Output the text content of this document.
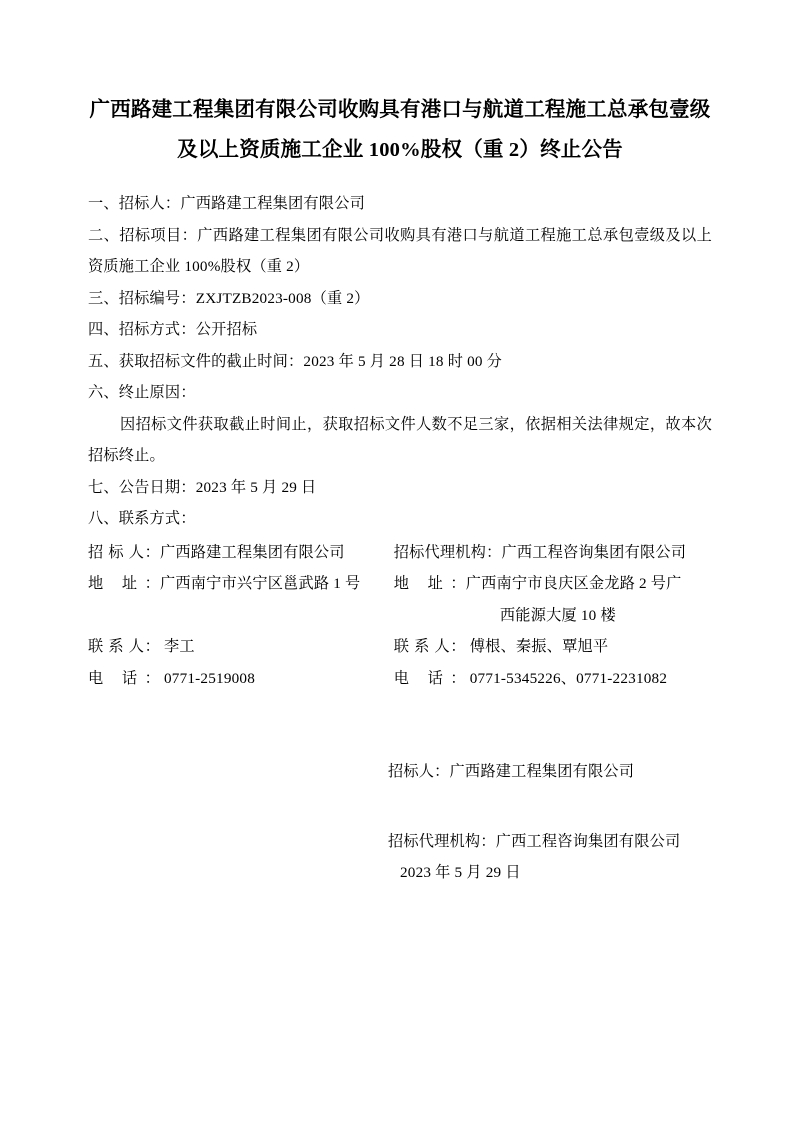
广西路建工程集团有限公司收购具有港口与航道工程施工总承包壹级
及以上资质施工企业 100%股权（重 2）终止公告

一、招标人：广西路建工程集团有限公司

二、招标项目：广西路建工程集团有限公司收购具有港口与航道工程施工总承包壹级及以上资质施工企业 100%股权（重 2）

三、招标编号：ZXJTZB2023-008（重 2）

四、招标方式：公开招标

五、获取招标文件的截止时间：2023 年 5 月 28 日 18 时 00 分

六、终止原因：

因招标文件获取截止时间止，获取招标文件人数不足三家，依据相关法律规定，故本次招标终止。

七、公告日期：2023 年 5 月 29 日

八、联系方式：

招 标 人：广西路建工程集团有限公司	招标代理机构：广西工程咨询集团有限公司
地 址：广西南宁市兴宁区邕武路 1 号	地 址：广西南宁市良庆区金龙路 2 号广
西能源大厦 10 楼

联 系 人： 李工	联 系 人： 傅根、秦振、覃旭平
电 话： 0771-2519008	电 话： 0771-5345226、0771-2231082
招标人：广西路建工程集团有限公司
招标代理机构：广西工程咨询集团有限公司
2023 年 5 月 29 日
